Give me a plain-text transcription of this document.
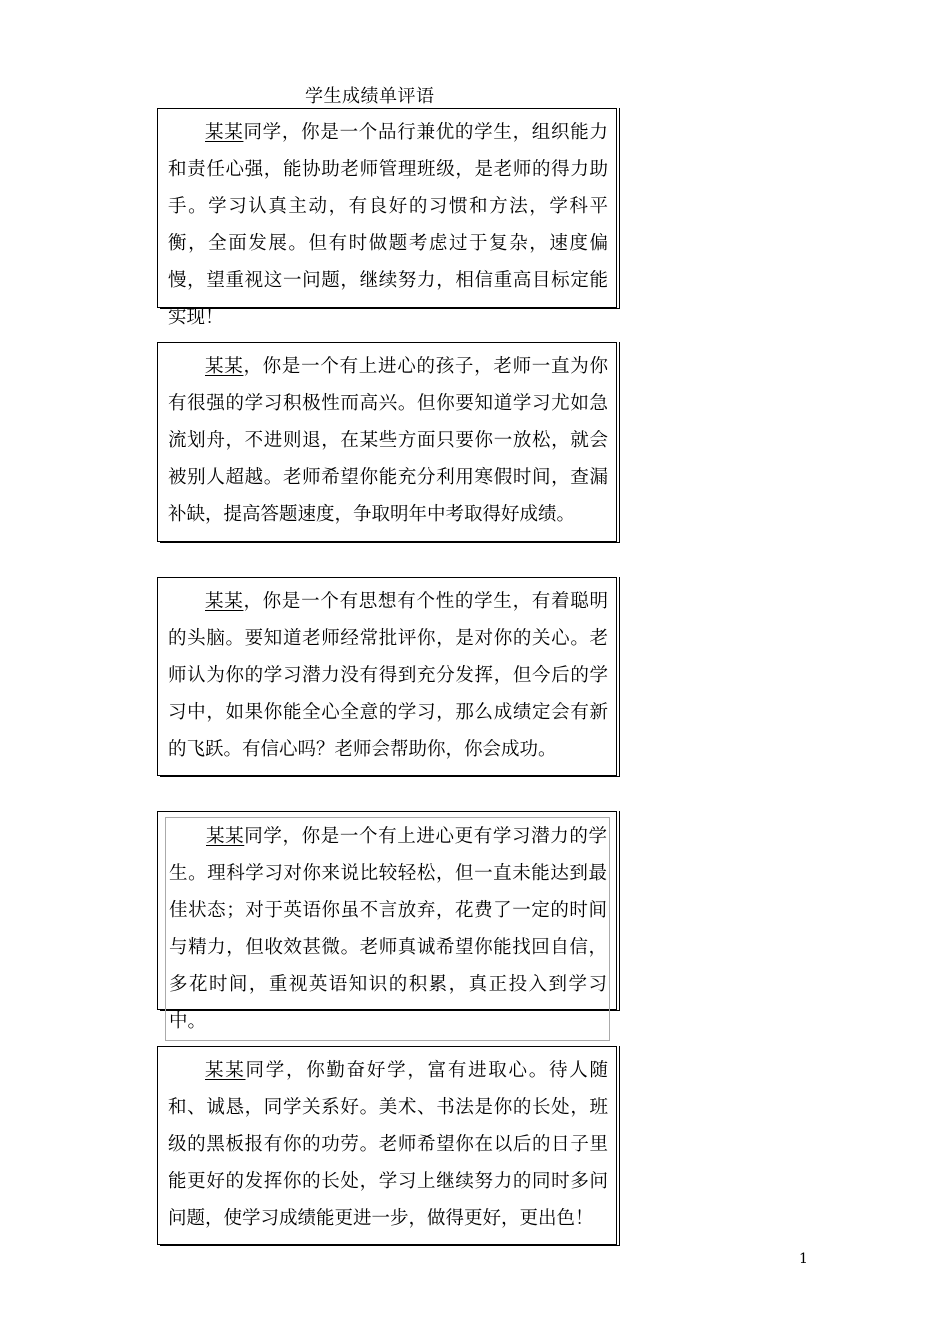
学生成绩单评语

某某同学，你是一个品行兼优的学生，组织能力和责任心强，能协助老师管理班级，是老师的得力助手。学习认真主动，有良好的习惯和方法，学科平衡，全面发展。但有时做题考虑过于复杂，速度偏慢，望重视这一问题，继续努力，相信重高目标定能实现！

某某，你是一个有上进心的孩子，老师一直为你有很强的学习积极性而高兴。但你要知道学习尤如急流划舟，不进则退，在某些方面只要你一放松，就会被别人超越。老师希望你能充分利用寒假时间，查漏补缺，提高答题速度，争取明年中考取得好成绩。

某某，你是一个有思想有个性的学生，有着聪明的头脑。要知道老师经常批评你，是对你的关心。老师认为你的学习潜力没有得到充分发挥，但今后的学习中，如果你能全心全意的学习，那么成绩定会有新的飞跃。有信心吗？老师会帮助你，你会成功。

某某同学，你是一个有上进心更有学习潜力的学生。理科学习对你来说比较轻松，但一直未能达到最佳状态；对于英语你虽不言放弃，花费了一定的时间与精力，但收效甚微。老师真诚希望你能找回自信，多花时间，重视英语知识的积累，真正投入到学习中。

某某同学，你勤奋好学，富有进取心。待人随和、诚恳，同学关系好。美术、书法是你的长处，班级的黑板报有你的功劳。老师希望你在以后的日子里能更好的发挥你的长处，学习上继续努力的同时多问问题，使学习成绩能更进一步，做得更好，更出色！

1
